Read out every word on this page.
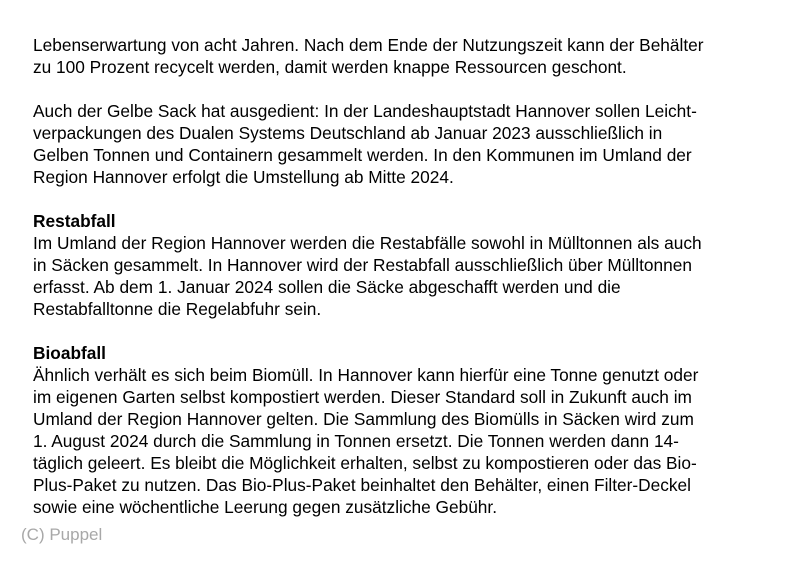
Lebenserwartung von acht Jahren. Nach dem Ende der Nutzungszeit kann der Behälter
zu 100 Prozent recycelt werden, damit werden knappe Ressourcen geschont.
Auch der Gelbe Sack hat ausgedient: In der Landeshauptstadt Hannover sollen Leicht-
verpackungen des Dualen Systems Deutschland ab Januar 2023 ausschließlich in
Gelben Tonnen und Containern gesammelt werden. In den Kommunen im Umland der
Region Hannover erfolgt die Umstellung ab Mitte 2024.
Restabfall
Im Umland der Region Hannover werden die Restabfälle sowohl in Mülltonnen als auch
in Säcken gesammelt. In Hannover wird der Restabfall ausschließlich über Mülltonnen
erfasst. Ab dem 1. Januar 2024 sollen die Säcke abgeschafft werden und die
Restabfalltonne die Regelabfuhr sein.
Bioabfall
Ähnlich verhält es sich beim Biomüll. In Hannover kann hierfür eine Tonne genutzt oder
im eigenen Garten selbst kompostiert werden. Dieser Standard soll in Zukunft auch im
Umland der Region Hannover gelten. Die Sammlung des Biomülls in Säcken wird zum
1. August 2024 durch die Sammlung in Tonnen ersetzt. Die Tonnen werden dann 14-
täglich geleert. Es bleibt die Möglichkeit erhalten, selbst zu kompostieren oder das Bio-
Plus-Paket zu nutzen. Das Bio-Plus-Paket beinhaltet den Behälter, einen Filter-Deckel
sowie eine wöchentliche Leerung gegen zusätzliche Gebühr.
(C) Puppel
